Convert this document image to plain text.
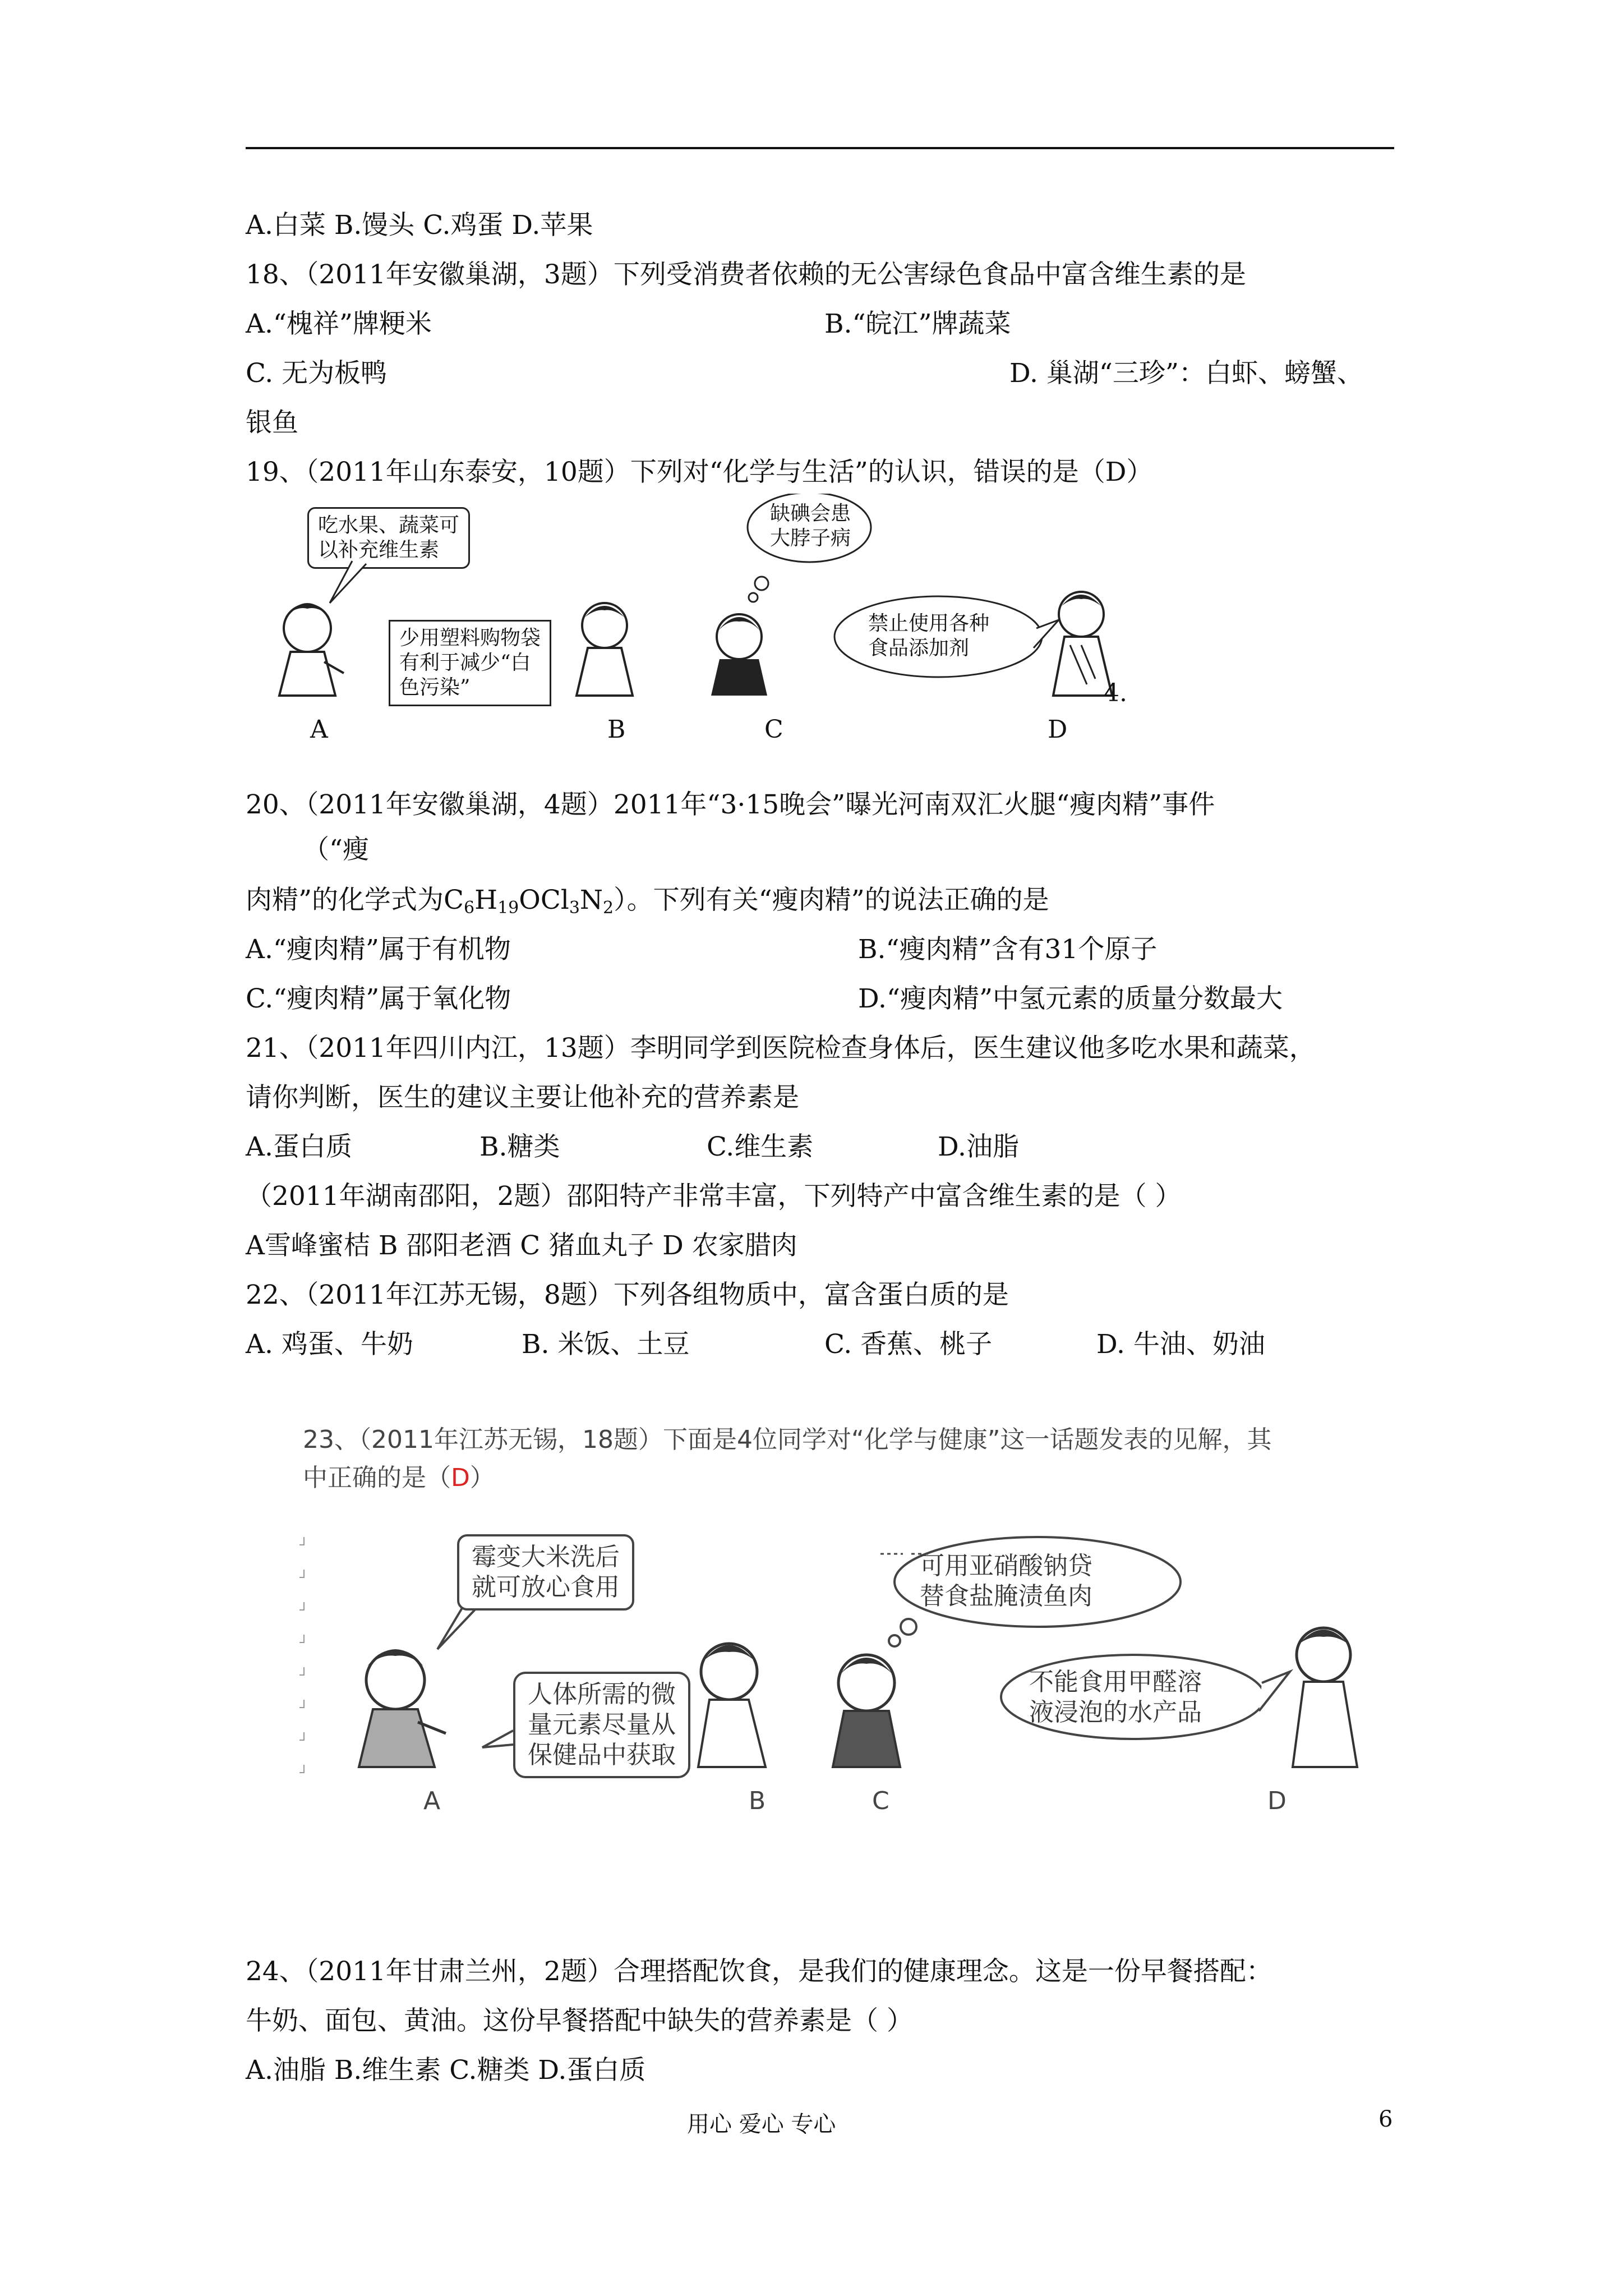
A.白菜 B.馒头 C.鸡蛋 D.苹果
18、（2011年安徽巢湖，3题）下列受消费者依赖的无公害绿色食品中富含维生素的是
A.“槐祥”牌粳米	B.“皖江”牌蔬菜
C. 无为板鸭	D. 巢湖“三珍”：白虾、螃蟹、
银鱼
19、（2011年山东泰安，10题）下列对“化学与生活”的认识，错误的是（D）
吃水果、蔬菜可
以补充维生素
少用塑料购物袋
有利于减少“白
色污染”
缺碘会患
大脖子病
禁止使用各种
食品添加剂
A	B	C	D
4.
20、（2011年安徽巢湖，4题）2011年“3·15晚会”曝光河南双汇火腿“瘦肉精”事件
（“瘦
肉精”的化学式为$C_6H_{19}OCl_3N_2$）。下列有关“瘦肉精”的说法正确的是
A.“瘦肉精”属于有机物	B.“瘦肉精”含有31个原子
C.“瘦肉精”属于氧化物	D.“瘦肉精”中氢元素的质量分数最大
21、（2011年四川内江，13题）李明同学到医院检查身体后，医生建议他多吃水果和蔬菜，
请你判断，医生的建议主要让他补充的营养素是
A.蛋白质	B.糖类	C.维生素	D.油脂
（2011年湖南邵阳，2题）邵阳特产非常丰富，下列特产中富含维生素的是（ ）
A雪峰蜜桔 B 邵阳老酒 C 猪血丸子 D 农家腊肉
22、（2011年江苏无锡，8题）下列各组物质中，富含蛋白质的是
A. 鸡蛋、牛奶	B. 米饭、土豆	C. 香蕉、桃子	D. 牛油、奶油
23、（2011年江苏无锡，18题）下面是4位同学对“化学与健康”这一话题发表的见解，其
中正确的是（D）
霉变大米洗后
就可放心食用
人体所需的微
量元素尽量从
保健品中获取
可用亚硝酸钠贷
替食盐腌渍鱼肉
不能食用甲醛溶
液浸泡的水产品
A	B	C	D
24、（2011年甘肃兰州，2题）合理搭配饮食，是我们的健康理念。这是一份早餐搭配：
牛奶、面包、黄油。这份早餐搭配中缺失的营养素是（ ）
A.油脂 B.维生素 C.糖类 D.蛋白质
用心 爱心 专心	6
